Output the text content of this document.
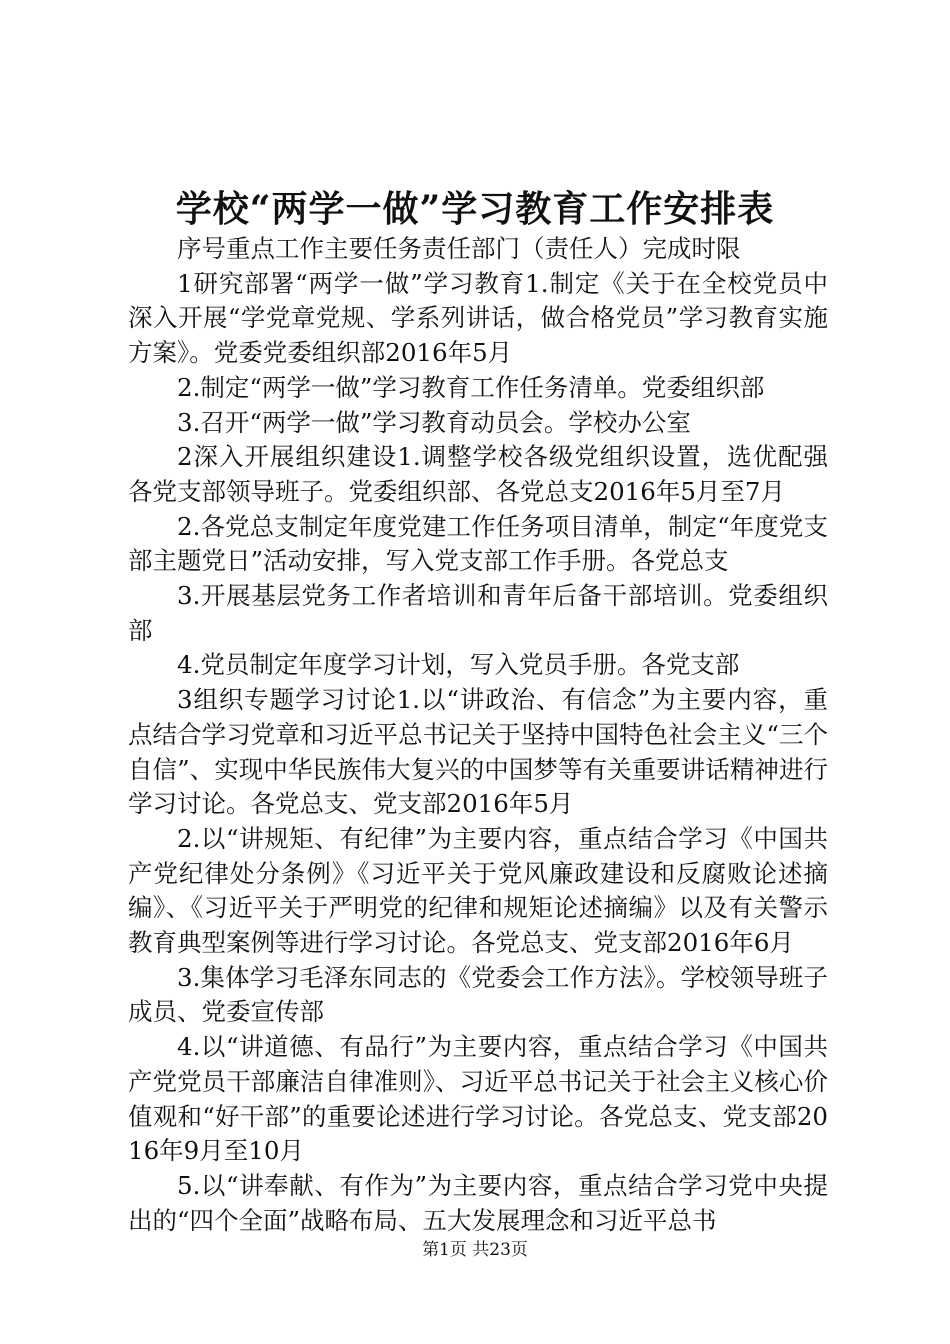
学校“两学一做”学习教育工作安排表

序号重点工作主要任务责任部门（责任人）完成时限

1研究部署“两学一做”学习教育1.制定《关于在全校党员中深入开展“学党章党规、学系列讲话，做合格党员”学习教育实施方案》。党委党委组织部2016年5月

2.制定“两学一做”学习教育工作任务清单。党委组织部

3.召开“两学一做”学习教育动员会。学校办公室

2深入开展组织建设1.调整学校各级党组织设置，选优配强各党支部领导班子。党委组织部、各党总支2016年5月至7月

2.各党总支制定年度党建工作任务项目清单，制定“年度党支部主题党日”活动安排，写入党支部工作手册。各党总支

3.开展基层党务工作者培训和青年后备干部培训。党委组织部

4.党员制定年度学习计划，写入党员手册。各党支部

3组织专题学习讨论1.以“讲政治、有信念”为主要内容，重点结合学习党章和习近平总书记关于坚持中国特色社会主义“三个自信”、实现中华民族伟大复兴的中国梦等有关重要讲话精神进行学习讨论。各党总支、党支部2016年5月

2.以“讲规矩、有纪律”为主要内容，重点结合学习《中国共产党纪律处分条例》《习近平关于党风廉政建设和反腐败论述摘编》、《习近平关于严明党的纪律和规矩论述摘编》以及有关警示教育典型案例等进行学习讨论。各党总支、党支部2016年6月

3.集体学习毛泽东同志的《党委会工作方法》。学校领导班子成员、党委宣传部

4.以“讲道德、有品行”为主要内容，重点结合学习《中国共产党党员干部廉洁自律准则》、习近平总书记关于社会主义核心价值观和“好干部”的重要论述进行学习讨论。各党总支、党支部2016年9月至10月

5.以“讲奉献、有作为”为主要内容，重点结合学习党中央提出的“四个全面”战略布局、五大发展理念和习近平总书

第1页 共23页
